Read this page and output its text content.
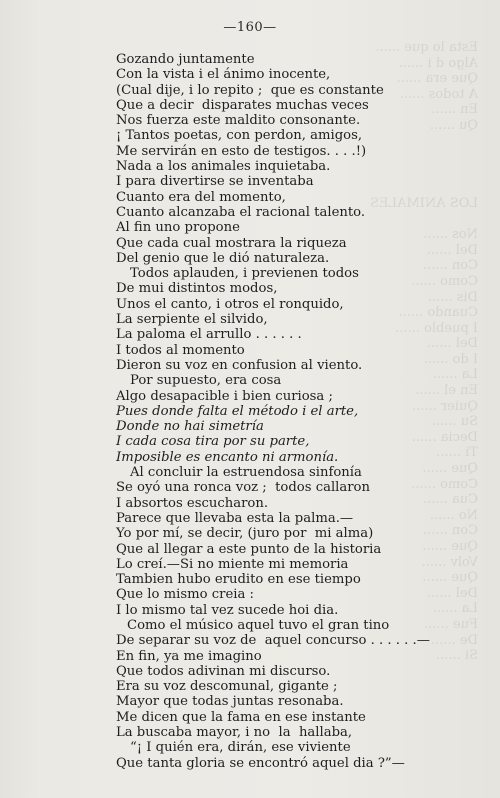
Esta lo que ......
Algo d i ......
Que era ......
A todos ......
En ......
Qu ......

LOS ANIMALES

Nos ......
Del ......
Con ......
Como ......
Dis ......
Cuando ......
I pueblo ......
Del ......
I do ......
La ......
En el ......
Quier ......
Su ......
Decia ......
Ti ......
Que ......
Como ......
Cua ......
No ......
Con ......
Que ......
Volv ......
Que ......
Del ......
La ......
Fue ......
De ......
Si ......
—160—
Gozando juntamente
Con la vista i el ánimo inocente,
(Cual dije, i lo repito ;  que es constante
Que a decir  disparates muchas veces
Nos fuerza este maldito consonante.
¡ Tantos poetas, con perdon, amigos,
Me servirán en esto de testigos. . . .!)
Nada a los animales inquietaba.
I para divertirse se inventaba
Cuanto era del momento,
Cuanto alcanzaba el racional talento.
Al fin uno propone
Que cada cual mostrara la riqueza
Del genio que le dió naturaleza.
Todos aplauden, i previenen todos
De mui distintos modos,
Unos el canto, i otros el ronquido,
La serpiente el silvido,
La paloma el arrullo . . . . . .
I todos al momento
Dieron su voz en confusion al viento.
Por supuesto, era cosa
Algo desapacible i bien curiosa ;
Pues donde falta el método i el arte,
Donde no hai simetría
I cada cosa tira por su parte,
Imposible es encanto ni armonía.
Al concluir la estruendosa sinfonía
Se oyó una ronca voz ;  todos callaron
I absortos escucharon.
Parece que llevaba esta la palma.—
Yo por mí, se decir, (juro por  mi alma)
Que al llegar a este punto de la historia
Lo creí.—Si no miente mi memoria
Tambien hubo erudito en ese tiempo
Que lo mismo creia :
I lo mismo tal vez sucede hoi dia.
Como el músico aquel tuvo el gran tino
De separar su voz de  aquel concurso . . . . . .—
En fin, ya me imagino
Que todos adivinan mi discurso.
Era su voz descomunal, gigante ;
Mayor que todas juntas resonaba.
Me dicen que la fama en ese instante
La buscaba mayor, i no  la  hallaba,
“¡ I quién era, dirán, ese viviente
Que tanta gloria se encontró aquel dia ?”—
